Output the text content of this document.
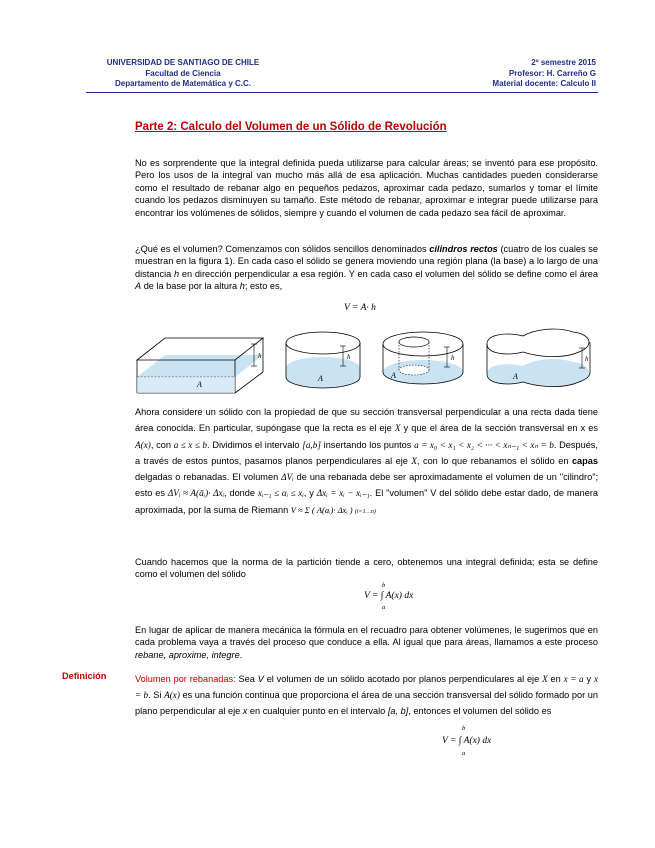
UNIVERSIDAD DE SANTIAGO DE CHILE
Facultad de Ciencia
Departamento de Matemática y C.C.
2º semestre 2015
Profesor: H. Carreño G
Material docente: Calculo II
Parte 2: Calculo del Volumen de un Sólido de Revolución
No es sorprendente que la integral definida pueda utilizarse para calcular áreas; se inventó para ese propósito. Pero los usos de la integral van mucho más allá de esa aplicación. Muchas cantidades pueden considerarse como el resultado de rebanar algo en pequeños pedazos, aproximar cada pedazo, sumarlos y tomar el límite cuando los pedazos disminuyen su tamaño. Este método de rebanar, aproximar e integrar puede utilizarse para encontrar los volúmenes de sólidos, siempre y cuando el volumen de cada pedazo sea fácil de aproximar.
¿Qué es el volumen? Comenzamos con sólidos sencillos denominados cilindros rectos (cuatro de los cuales se muestran en la figura 1). En cada caso el sólido se genera moviendo una región plana (la base) a lo largo de una distancia h en dirección perpendicular a esa región. Y en cada caso el volumen del sólido se define como el área A de la base por la altura h; esto es,
V = A· h
h
A
h
A
h
A
h
A
Ahora considere un sólido con la propiedad de que su sección transversal perpendicular a una recta dada tiene área conocida. En particular, supóngase que la recta es el eje X y que el área de la sección transversal en x es A(x), con a ≤ x ≤ b. Dividimos el intervalo [a,b] insertando los puntos a = x₀ < x₁ < x₂ < ··· < xₙ₋₁ < xₙ = b. Después, a través de estos puntos, pasamos planos perpendiculares al eje X, con lo que rebanamos el sólido en capas delgadas o rebanadas. El volumen ΔVᵢ de una rebanada debe ser aproximadamente el volumen de un "cilindro"; esto es ΔVᵢ ≈ A(āᵢ)· Δxᵢ, donde xᵢ₋₁ ≤ αᵢ ≤ xᵢ, y Δxᵢ = xᵢ − xᵢ₋₁. El "volumen" V del sólido debe estar dado, de manera aproximada, por la suma de Riemann V ≈ Σ ( A(aᵢ)· Δxᵢ ) (i=1…n)
Cuando hacemos que la norma de la partición tiende a cero, obtenemos una integral definida; esta se define como el volumen del sólido
b
V = ∫ A(x) dx
a
En lugar de aplicar de manera mecánica la fórmula en el recuadro para obtener volúmenes, le sugerimos que en cada problema vaya a través del proceso que conduce a ella. Al igual que para áreas, llamamos a este proceso rebane, aproxime, integre.
Definición	Volumen por rebanadas: Sea V el volumen de un sólido acotado por planos perpendiculares al eje X en x = a y x = b. Si A(x) es una función continua que proporciona el área de una sección transversal del sólido formado por un plano perpendicular al eje x en cualquier punto en el intervalo [a, b], entonces el volumen del sólido es
b
V = ∫ A(x) dx
a
